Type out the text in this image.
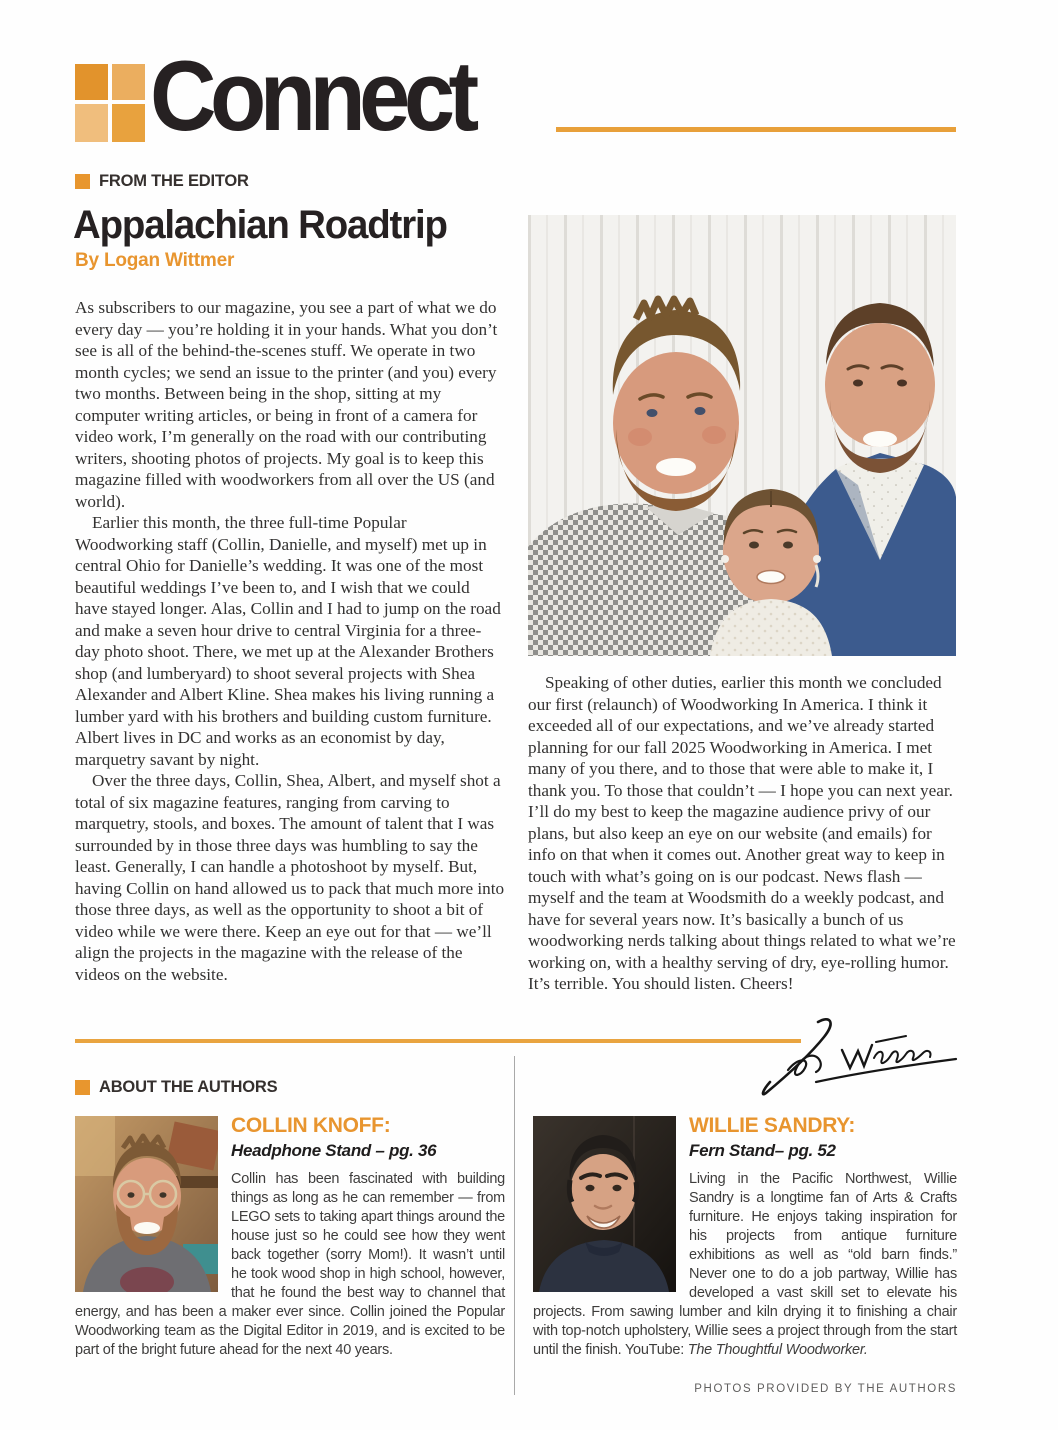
Connect
FROM THE EDITOR
Appalachian Roadtrip
By Logan Wittmer

As subscribers to our magazine, you see a part of what we do every day — you’re holding it in your hands. What you don’t see is all of the behind-the-scenes stuff. We operate in two month cycles; we send an issue to the printer (and you) every two months. Between being in the shop, sitting at my computer writing articles, or being in front of a camera for video work, I’m generally on the road with our contributing writers, shooting photos of projects. My goal is to keep this magazine filled with woodworkers from all over the US (and world).

Earlier this month, the three full-time Popular Woodworking staff (Collin, Danielle, and myself) met up in central Ohio for Danielle’s wedding. It was one of the most beautiful weddings I’ve been to, and I wish that we could have stayed longer. Alas, Collin and I had to jump on the road and make a seven hour drive to central Virginia for a three-day photo shoot. There, we met up at the Alexander Brothers shop (and lumberyard) to shoot several projects with Shea Alexander and Albert Kline. Shea makes his living running a lumber yard with his brothers and building custom furniture. Albert lives in DC and works as an economist by day, marquetry savant by night.

Over the three days, Collin, Shea, Albert, and myself shot a total of six magazine features, ranging from carving to marquetry, stools, and boxes. The amount of talent that I was surrounded by in those three days was humbling to say the least. Generally, I can handle a photoshoot by myself. But, having Collin on hand allowed us to pack that much more into those three days, as well as the opportunity to shoot a bit of video while we were there. Keep an eye out for that — we’ll align the projects in the magazine with the release of the videos on the website.

Speaking of other duties, earlier this month we concluded our first (relaunch) of Woodworking In America. I think it exceeded all of our expectations, and we’ve already started planning for our fall 2025 Woodworking in America. I met many of you there, and to those that were able to make it, I thank you. To those that couldn’t — I hope you can next year. I’ll do my best to keep the magazine audience privy of our plans, but also keep an eye on our website (and emails) for info on that when it comes out. Another great way to keep in touch with what’s going on is our podcast. News flash — myself and the team at Woodsmith do a weekly podcast, and have for several years now. It’s basically a bunch of us woodworking nerds talking about things related to what we’re working on, with a healthy serving of dry, eye-rolling humor. It’s terrible. You should listen. Cheers!

ABOUT THE AUTHORS
COLLIN KNOFF:
Headphone Stand – pg. 36

Collin has been fascinated with building things as long as he can remember — from LEGO sets to taking apart things around the house just so he could see how they went back together (sorry Mom!). It wasn’t until he took wood shop in high school, however, that he found the best way to channel that energy, and has been a maker ever since. Collin joined the Popular Woodworking team as the Digital Editor in 2019, and is excited to be part of the bright future ahead for the next 40 years.

WILLIE SANDRY:
Fern Stand– pg. 52

Living in the Pacific Northwest, Willie Sandry is a longtime fan of Arts & Crafts furniture. He enjoys taking inspiration for his projects from antique furniture exhibitions as well as “old barn finds.” Never one to do a job partway, Willie has developed a vast skill set to elevate his projects. From sawing lumber and kiln drying it to finishing a chair with top-notch upholstery, Willie sees a project through from the start until the finish. YouTube: The Thoughtful Woodworker.

PHOTOS PROVIDED BY THE AUTHORS
